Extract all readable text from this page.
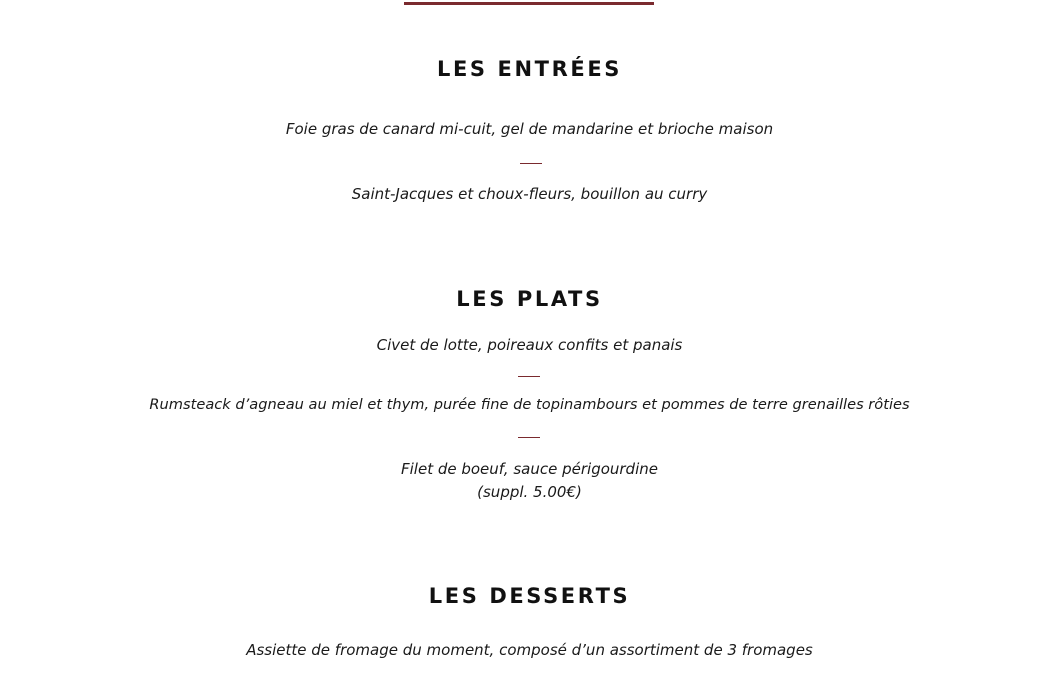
LES ENTRÉES

Foie gras de canard mi-cuit, gel de mandarine et brioche maison

Saint-Jacques et choux-fleurs, bouillon au curry

LES PLATS

Civet de lotte, poireaux confits et panais

Rumsteack d’agneau au miel et thym, purée fine de topinambours et pommes de terre grenailles rôties

Filet de boeuf, sauce périgourdine

(suppl. 5.00€)

LES DESSERTS

Assiette de fromage du moment, composé d’un assortiment de 3 fromages
